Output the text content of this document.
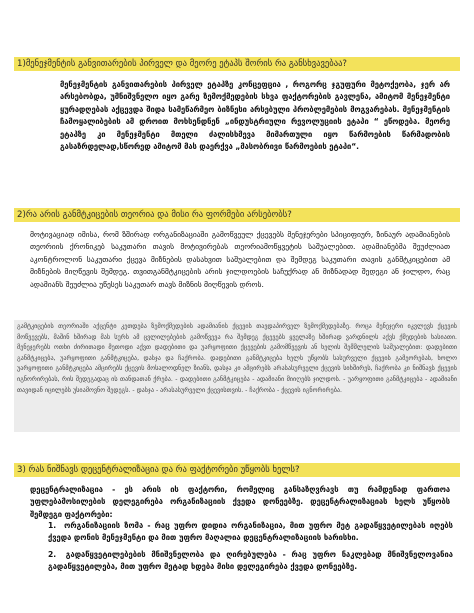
1)მენეჯმენტის განვითარების პირველ და მეორე ეტაპს შორის რა განსხვავებაა?

მენეჯმენტის განვითარების პირველ ეტაპზე კონცეფცია , როგორც ჯგუფური მეტოქეობა, ჯერ არ არსებობდა, უმნიშვნელო იყო გარე ზემოქმედების სხვა ფაქტორების გავლენა, ამიტომ მენეჯმენტი ყურადღებას აქცევდა შიდა სამეწარმეო ბიზნესი არსებული პრობლემების მოგვარებას. მენეჯმენტის ჩამოყალიბების ამ დროით მოხსენდნენ „ინდუსტრიული რევოლუციის ეტაპი “ ეწოდება. მეორე ეტაპზე კი მენეჯმენტი მთელი ძალისხმევა მიმართული იყო წარმოების წარმადობის გასაზრდელად,სწორედ ამიტომ მას დაერქვა „მასობრივი წარმოების ეტაპი“.

2)რა არის განმტკიცების თეორია და მისი რა ფორმები არსებობს?

მოტივაციად იმისა, რომ ზშირად ორგანიზაციაში გამოწვეულ ქცევებს მენეჯერები სპიციფიურ, ზინაურ ადამიანების თეორიის ქრონიკებ საკუთარი თავის მოტივირებას თეორიამოწყვეტის საშუალებით. ადამიანებმა შეუძლიათ აკონტროლონ საკუთარი ქცევა მიზნების დასახვით საშუალებით და შემდეგ საკუთარი თავის განმტკიცებით ამ მიზნების მიღწევის შემდეგ. თვითგანმტკიცების არის ჯილდოების საჩუქრად ან მიზნადად შედეგი ან ჯილდო, რაც ადამიანს შეუძლია უწესეს საკუთარ თავს მიზნის მიღწევის დროს.

გამტკიცების თეორიაში აქცენტი კეთდება ზემოქმედების ადამიანის ქცევის თავდაპირველ ზემოქმედებაზე. როცა მენეჯერი იკვლევს ქცევის მოწვევებს, მაშინ ხშირად მას სურს ამ ცვლილებების გამოწვევა რა შემდეგ ქცევებს ყველაზე ხშირად ვარდნილს აქვს ქმედების ხასიათი. მენეჯერებს ოთხი ძირითადი მეთოდი აქვთ დადებითი და უარყოფითი ქცევების გამომწვევის ან ხელის შემშლელის საშუალებით: დადებითი განმტკიცება, უარყოფითი განმტკიცება, დასჯა და ჩაქრობა. დადებითი განმტკიცება ხელს უწყობს სასურველი ქცევის გამეორებას, ხოლო უარყოფითი განმტკიცება ამცირებს ქცევის მოსალოდნელ ზიანს, დასჯა კი ამცირებს არასასურველი ქცევის სიხშირეს, ჩაქრობა კი ნიშნავს ქცევის იგნორირებას, რის შედეგადაც ის თანდათან ქრება. - დადებითი განმტკიცება - ადამიანი მიიღებს ჯილდოს. - უარყოფითი განმტკიცება - ადამიანი თავიდან იცილებს უსიამოვნო შედეგს. - დასჯა - არასასურველი ქცევისთვის. - ჩაქრობა - ქცევის იგნორირება.

3) რას ნიშნავს დეცენტრალიზაცია და რა ფაქტორები უწყობს ხელს?

დეცენტრალიზაცია - ეს არის ის ფაქტორი, რომელიც განსაზღვრავს თუ რამდენად ფართოა უფლებამოსილების დელეგირება ორგანიზაციის ქვედა დონეებზე. დეცენტრალიზაციას ხელს უწყობს შემდეგი ფაქტორები:

1. ორგანიზაციის ზომა - რაც უფრო დიდია ორგანიზაცია, მით უფრო მეტ გადაწყვეტილებას იღებს ქვედა დონის მენეჯმენტი და მით უფრო მაღალია დეცენტრალიზაციის ხარისხი.
2. გადაწყვეტილებების მნიშვნელობა და ღირებულება - რაც უფრო ნაკლებად მნიშვნელოვანია გადაწყვეტილება, მით უფრო მეტად ხდება მისი დელეგირება ქვედა დონეებზე.
